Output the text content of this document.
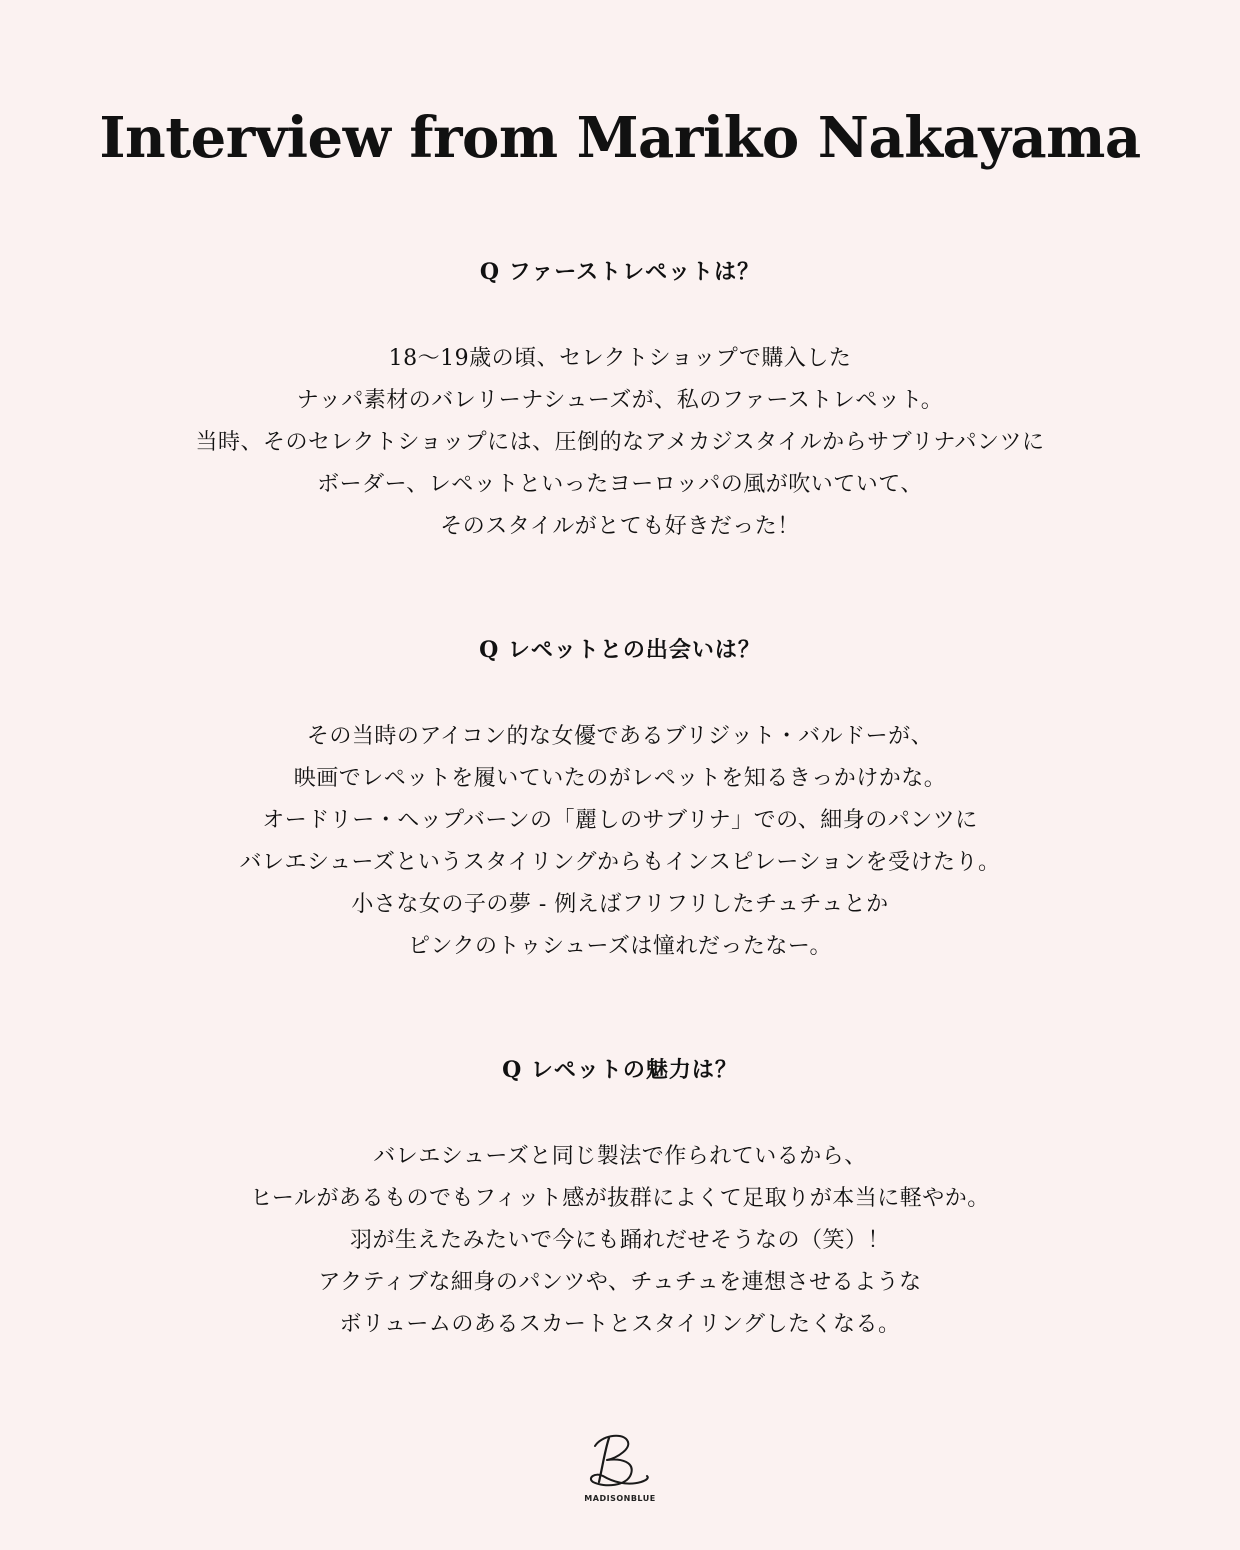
Interview from Mariko Nakayama

Q ファーストレペットは？

18〜19歳の頃、セレクトショップで購入した
ナッパ素材のバレリーナシューズが、私のファーストレペット。
当時、そのセレクトショップには、圧倒的なアメカジスタイルからサブリナパンツに
ボーダー、レペットといったヨーロッパの風が吹いていて、
そのスタイルがとても好きだった！

Q レペットとの出会いは？

その当時のアイコン的な女優であるブリジット・バルドーが、
映画でレペットを履いていたのがレペットを知るきっかけかな。
オードリー・ヘップバーンの「麗しのサブリナ」での、細身のパンツに
バレエシューズというスタイリングからもインスピレーションを受けたり。
小さな女の子の夢 - 例えばフリフリしたチュチュとか
ピンクのトゥシューズは憧れだったなー。

Q レペットの魅力は？

バレエシューズと同じ製法で作られているから、
ヒールがあるものでもフィット感が抜群によくて足取りが本当に軽やか。
羽が生えたみたいで今にも踊れだせそうなの（笑）！
アクティブな細身のパンツや、チュチュを連想させるような
ボリュームのあるスカートとスタイリングしたくなる。
MADISONBLUE
